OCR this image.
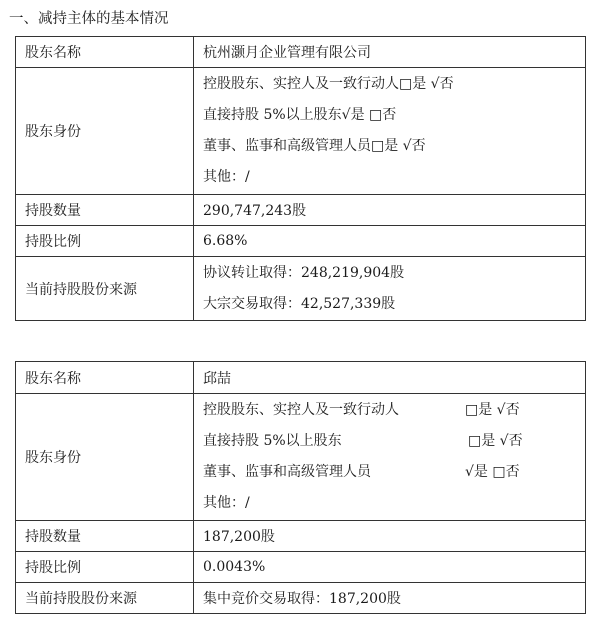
一、减持主体的基本情况
股东名称	杭州灏月企业管理有限公司
股东身份	控股股东、实控人及一致行动人□是 √否
直接持股 5%以上股东√是 □否
董事、监事和高级管理人员□是 √否
其他：/

持股数量	290,747,243股
持股比例	6.68%
当前持股股份来源	协议转让取得：248,219,904股
大宗交易取得：42,527,339股
股东名称	邱喆
股东身份	控股股东、实控人及一致行动人 □是 √否
直接持股 5%以上股东 □是 √否
董事、监事和高级管理人员 √是 □否
其他：/

持股数量	187,200股
持股比例	0.0043%
当前持股股份来源	集中竞价交易取得：187,200股
